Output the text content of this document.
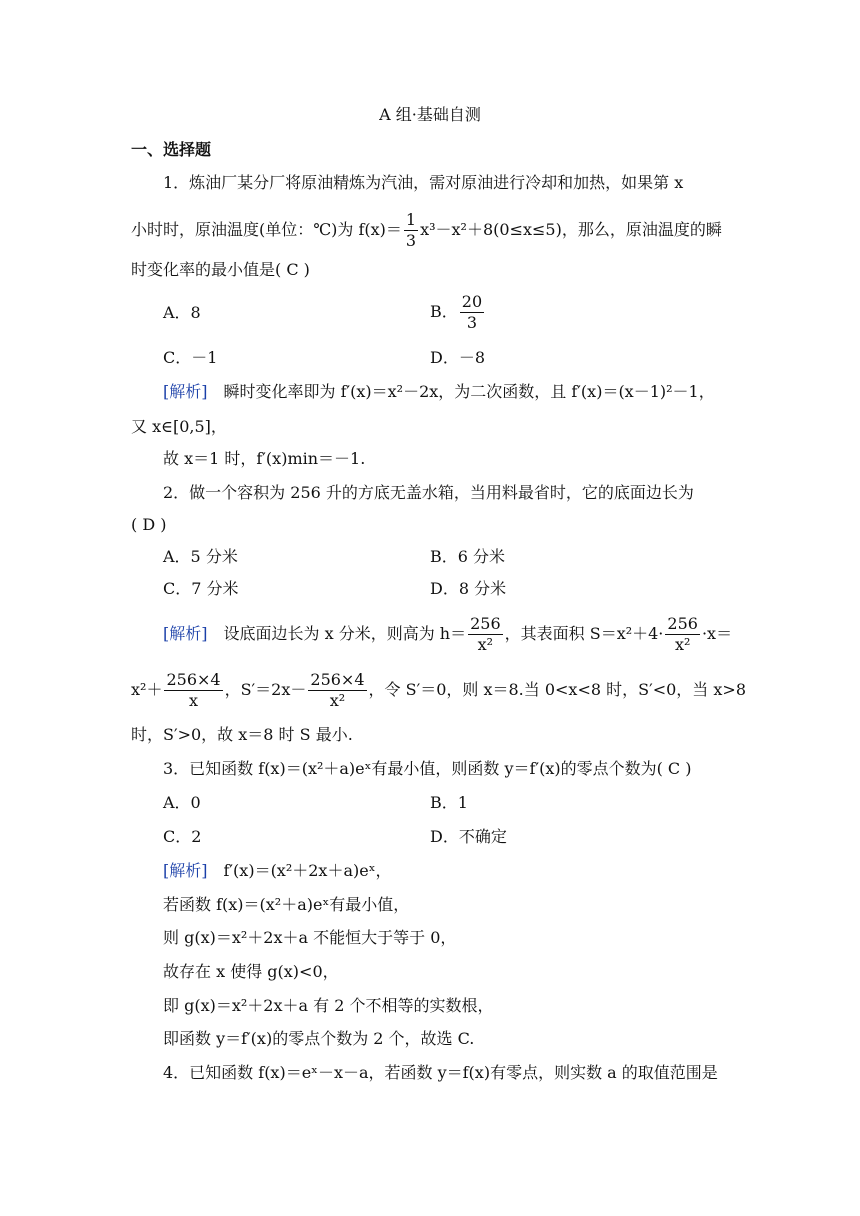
A 组·基础自测
一、选择题
1．炼油厂某分厂将原油精炼为汽油，需对原油进行冷却和加热，如果第 x
小时时，原油温度(单位：℃)为 $f(x)= \frac{1}{3} x^3-x^2+8(0\le x\le 5)$，那么，原油温度的瞬
时变化率的最小值是( C )
A．8	B． $\frac{20}{3}$
C．－1	D．－8
[解析]　瞬时变化率即为 f′(x)＝x²－2x，为二次函数，且 f′(x)＝(x－1)²－1，
又 x∈[0,5]，
故 x＝1 时，f′(x)min＝－1.
2．做一个容积为 256 升的方底无盖水箱，当用料最省时，它的底面边长为
( D )
A．5 分米	B．6 分米
C．7 分米	D．8 分米
[解析]　设底面边长为 x 分米，则高为 $h= \frac{256}{\text{x²}}$ ，其表面积 $S=x^2+4\cdot \frac{256}{\text{x²}} \cdot x=$
$x^2+ \frac{256\times 4}{x}$ ，$S'=2x- \frac{256\times 4}{\text{x²}}$ ，令 S′＝0，则 x＝8.当 0<x<8 时，S′<0，当 x>8
时，S′>0，故 x＝8 时 S 最小.
3．已知函数 f(x)＝(x²＋a)eˣ有最小值，则函数 y＝f′(x)的零点个数为( C )
A．0	B．1
C．2	D．不确定
[解析]　f′(x)＝(x²＋2x＋a)eˣ，
若函数 f(x)＝(x²＋a)eˣ有最小值，
则 g(x)＝x²＋2x＋a 不能恒大于等于 0，
故存在 x 使得 g(x)<0，
即 g(x)＝x²＋2x＋a 有 2 个不相等的实数根，
即函数 y＝f′(x)的零点个数为 2 个，故选 C.
4．已知函数 f(x)＝eˣ－x－a，若函数 y＝f(x)有零点，则实数 a 的取值范围是
